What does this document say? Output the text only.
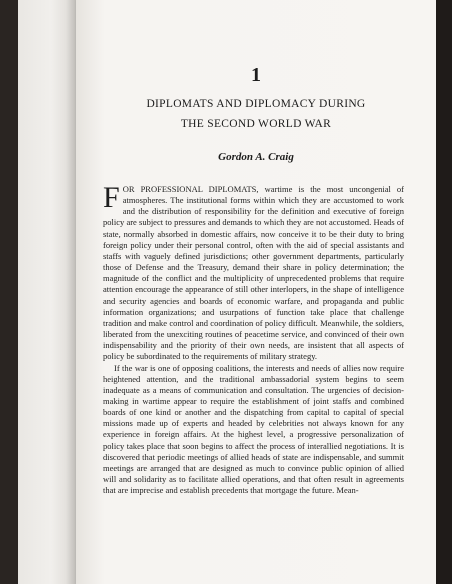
1
DIPLOMATS AND DIPLOMACY DURING
THE SECOND WORLD WAR
Gordon A. Craig

FOR PROFESSIONAL DIPLOMATS, wartime is the most uncongenial of atmospheres. The institutional forms within which they are accustomed to work and the distribution of responsibility for the definition and executive of foreign policy are subject to pressures and demands to which they are not accustomed. Heads of state, normally absorbed in domestic affairs, now conceive it to be their duty to bring foreign policy under their personal control, often with the aid of special assistants and staffs with vaguely defined jurisdictions; other government departments, particularly those of Defense and the Treasury, demand their share in policy determination; the magnitude of the conflict and the multiplicity of unprecedented problems that require attention encourage the appearance of still other interlopers, in the shape of intelligence and security agencies and boards of economic warfare, and propaganda and public information organizations; and usurpations of function take place that challenge tradition and make control and coordination of policy difficult. Meanwhile, the soldiers, liberated from the unexciting routines of peacetime service, and convinced of their own indispensability and the priority of their own needs, are insistent that all aspects of policy be subordinated to the requirements of military strategy.

If the war is one of opposing coalitions, the interests and needs of allies now require heightened attention, and the traditional ambassadorial system begins to seem inadequate as a means of communication and consultation. The urgencies of decision-making in wartime appear to require the establishment of joint staffs and combined boards of one kind or another and the dispatching from capital to capital of special missions made up of experts and headed by celebrities not always known for any experience in foreign affairs. At the highest level, a progressive personalization of policy takes place that soon begins to affect the process of interallied negotiations. It is discovered that periodic meetings of allied heads of state are indispensable, and summit meetings are arranged that are designed as much to convince public opinion of allied will and solidarity as to facilitate allied operations, and that often result in agreements that are imprecise and establish precedents that mortgage the future. Mean-
